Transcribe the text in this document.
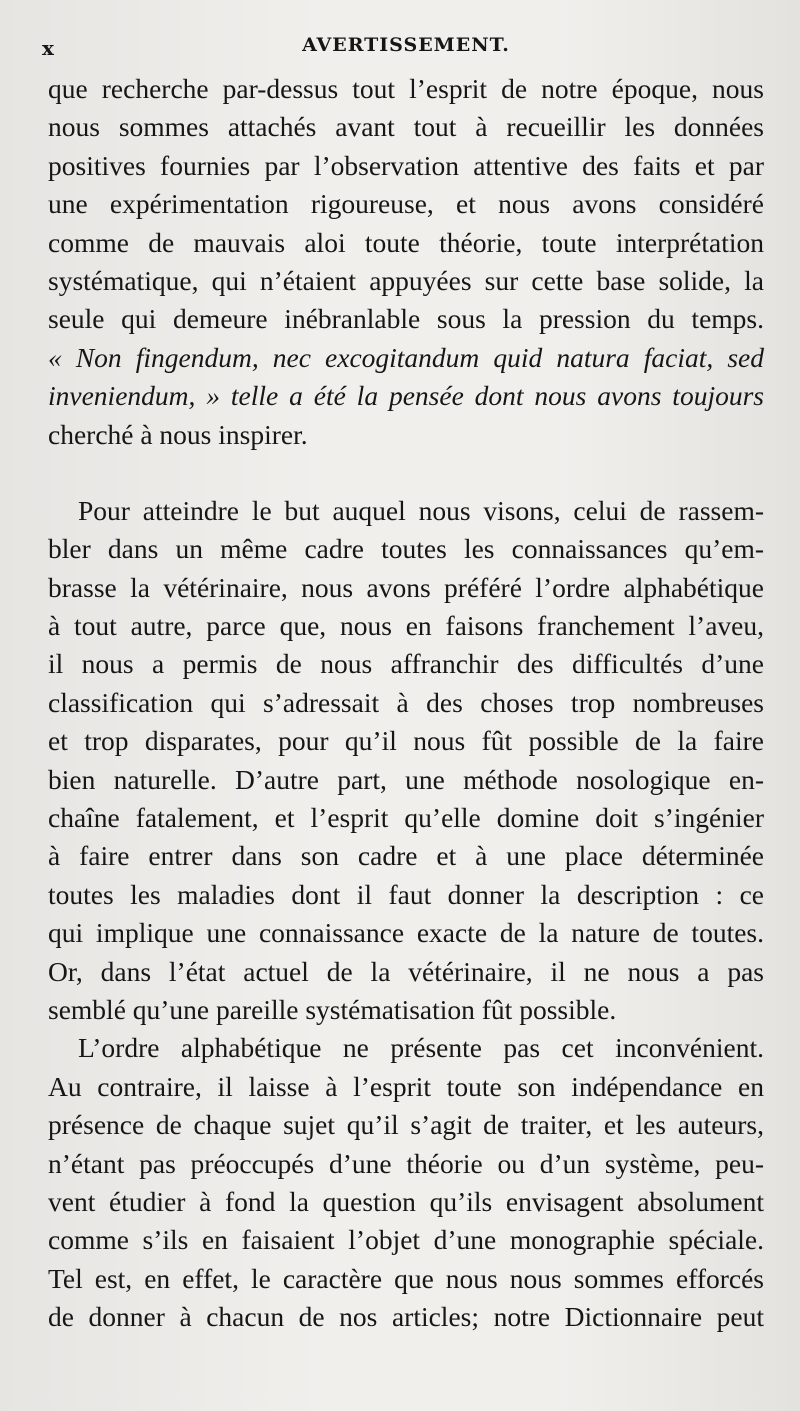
x	AVERTISSEMENT.
que recherche par-dessus tout l’esprit de notre époque, nous
nous sommes attachés avant tout à recueillir les données
positives fournies par l’observation attentive des faits et par
une expérimentation rigoureuse, et nous avons considéré
comme de mauvais aloi toute théorie, toute interprétation
systématique, qui n’étaient appuyées sur cette base solide, la
seule qui demeure inébranlable sous la pression du temps.
« Non fingendum, nec excogitandum quid natura faciat, sed
inveniendum, » telle a été la pensée dont nous avons toujours
cherché à nous inspirer.
Pour atteindre le but auquel nous visons, celui de rassem-
bler dans un même cadre toutes les connaissances qu’em-
brasse la vétérinaire, nous avons préféré l’ordre alphabétique
à tout autre, parce que, nous en faisons franchement l’aveu,
il nous a permis de nous affranchir des difficultés d’une
classification qui s’adressait à des choses trop nombreuses
et trop disparates, pour qu’il nous fût possible de la faire
bien naturelle. D’autre part, une méthode nosologique en-
chaîne fatalement, et l’esprit qu’elle domine doit s’ingénier
à faire entrer dans son cadre et à une place déterminée
toutes les maladies dont il faut donner la description : ce
qui implique une connaissance exacte de la nature de toutes.
Or, dans l’état actuel de la vétérinaire, il ne nous a pas
semblé qu’une pareille systématisation fût possible.
L’ordre alphabétique ne présente pas cet inconvénient.
Au contraire, il laisse à l’esprit toute son indépendance en
présence de chaque sujet qu’il s’agit de traiter, et les auteurs,
n’étant pas préoccupés d’une théorie ou d’un système, peu-
vent étudier à fond la question qu’ils envisagent absolument
comme s’ils en faisaient l’objet d’une monographie spéciale.
Tel est, en effet, le caractère que nous nous sommes efforcés
de donner à chacun de nos articles; notre Dictionnaire peut
